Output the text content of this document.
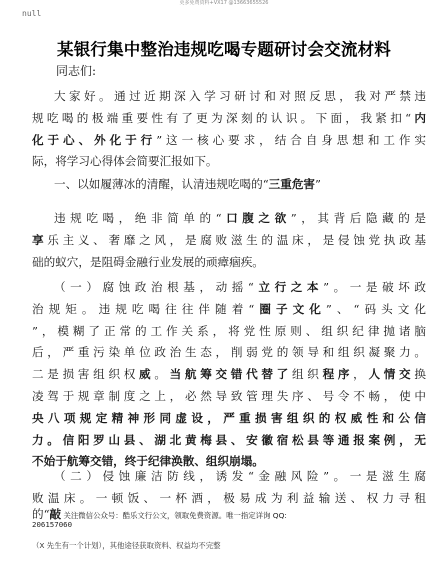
更多免费资料+VX17 @13663655526
null
某银行集中整治违规吃喝专题研讨会交流材料
同志们:
大家好。通过近期深入学习研讨和对照反思，我对严禁违
规吃喝的极端重要性有了更为深刻的认识。下面，我紧扣“内
化于心、外化于行”这一核心要求，结合自身思想和工作实
际，将学习心得体会简要汇报如下。
一、以如履薄冰的清醒，认清违规吃喝的“三重危害”
违规吃喝，绝非简单的“口腹之欲”，其背后隐藏的是
享乐主义、奢靡之风，是腐败滋生的温床，是侵蚀党执政基
础的蚁穴，是阻碍金融行业发展的顽瘴痼疾。
（一）腐蚀政治根基，动摇“立行之本”。一是破坏政
治规矩。违规吃喝往往伴随着“圈子文化”、“码头文化
”，模糊了正常的工作关系，将党性原则、组织纪律抛诸脑
后，严重污染单位政治生态，削弱党的领导和组织凝聚力。
二是损害组织权威。当航筹交错代替了组织程序，人情交换
凌驾于规章制度之上，必然导致管理失序、号令不畅，使中
央八项规定精神形同虚设，严重损害组织的权威性和公信
力。信阳罗山县、湖北黄梅县、安徽宿松县等通报案例，无
不始于航筹交错，终于纪律涣散、组织崩塌。
（二）侵蚀廉洁防线，诱发“金融风险”。一是滋生腐
败温床。一顿饭、一杯酒，极易成为利益输送、权力寻租
的“敲 关注微信公众号：酷乐文行公文，领取免费资源。唯一指定详询 QQ:
206157060
（X 先生有一个计划），其他途径获取资料、权益均不完整
